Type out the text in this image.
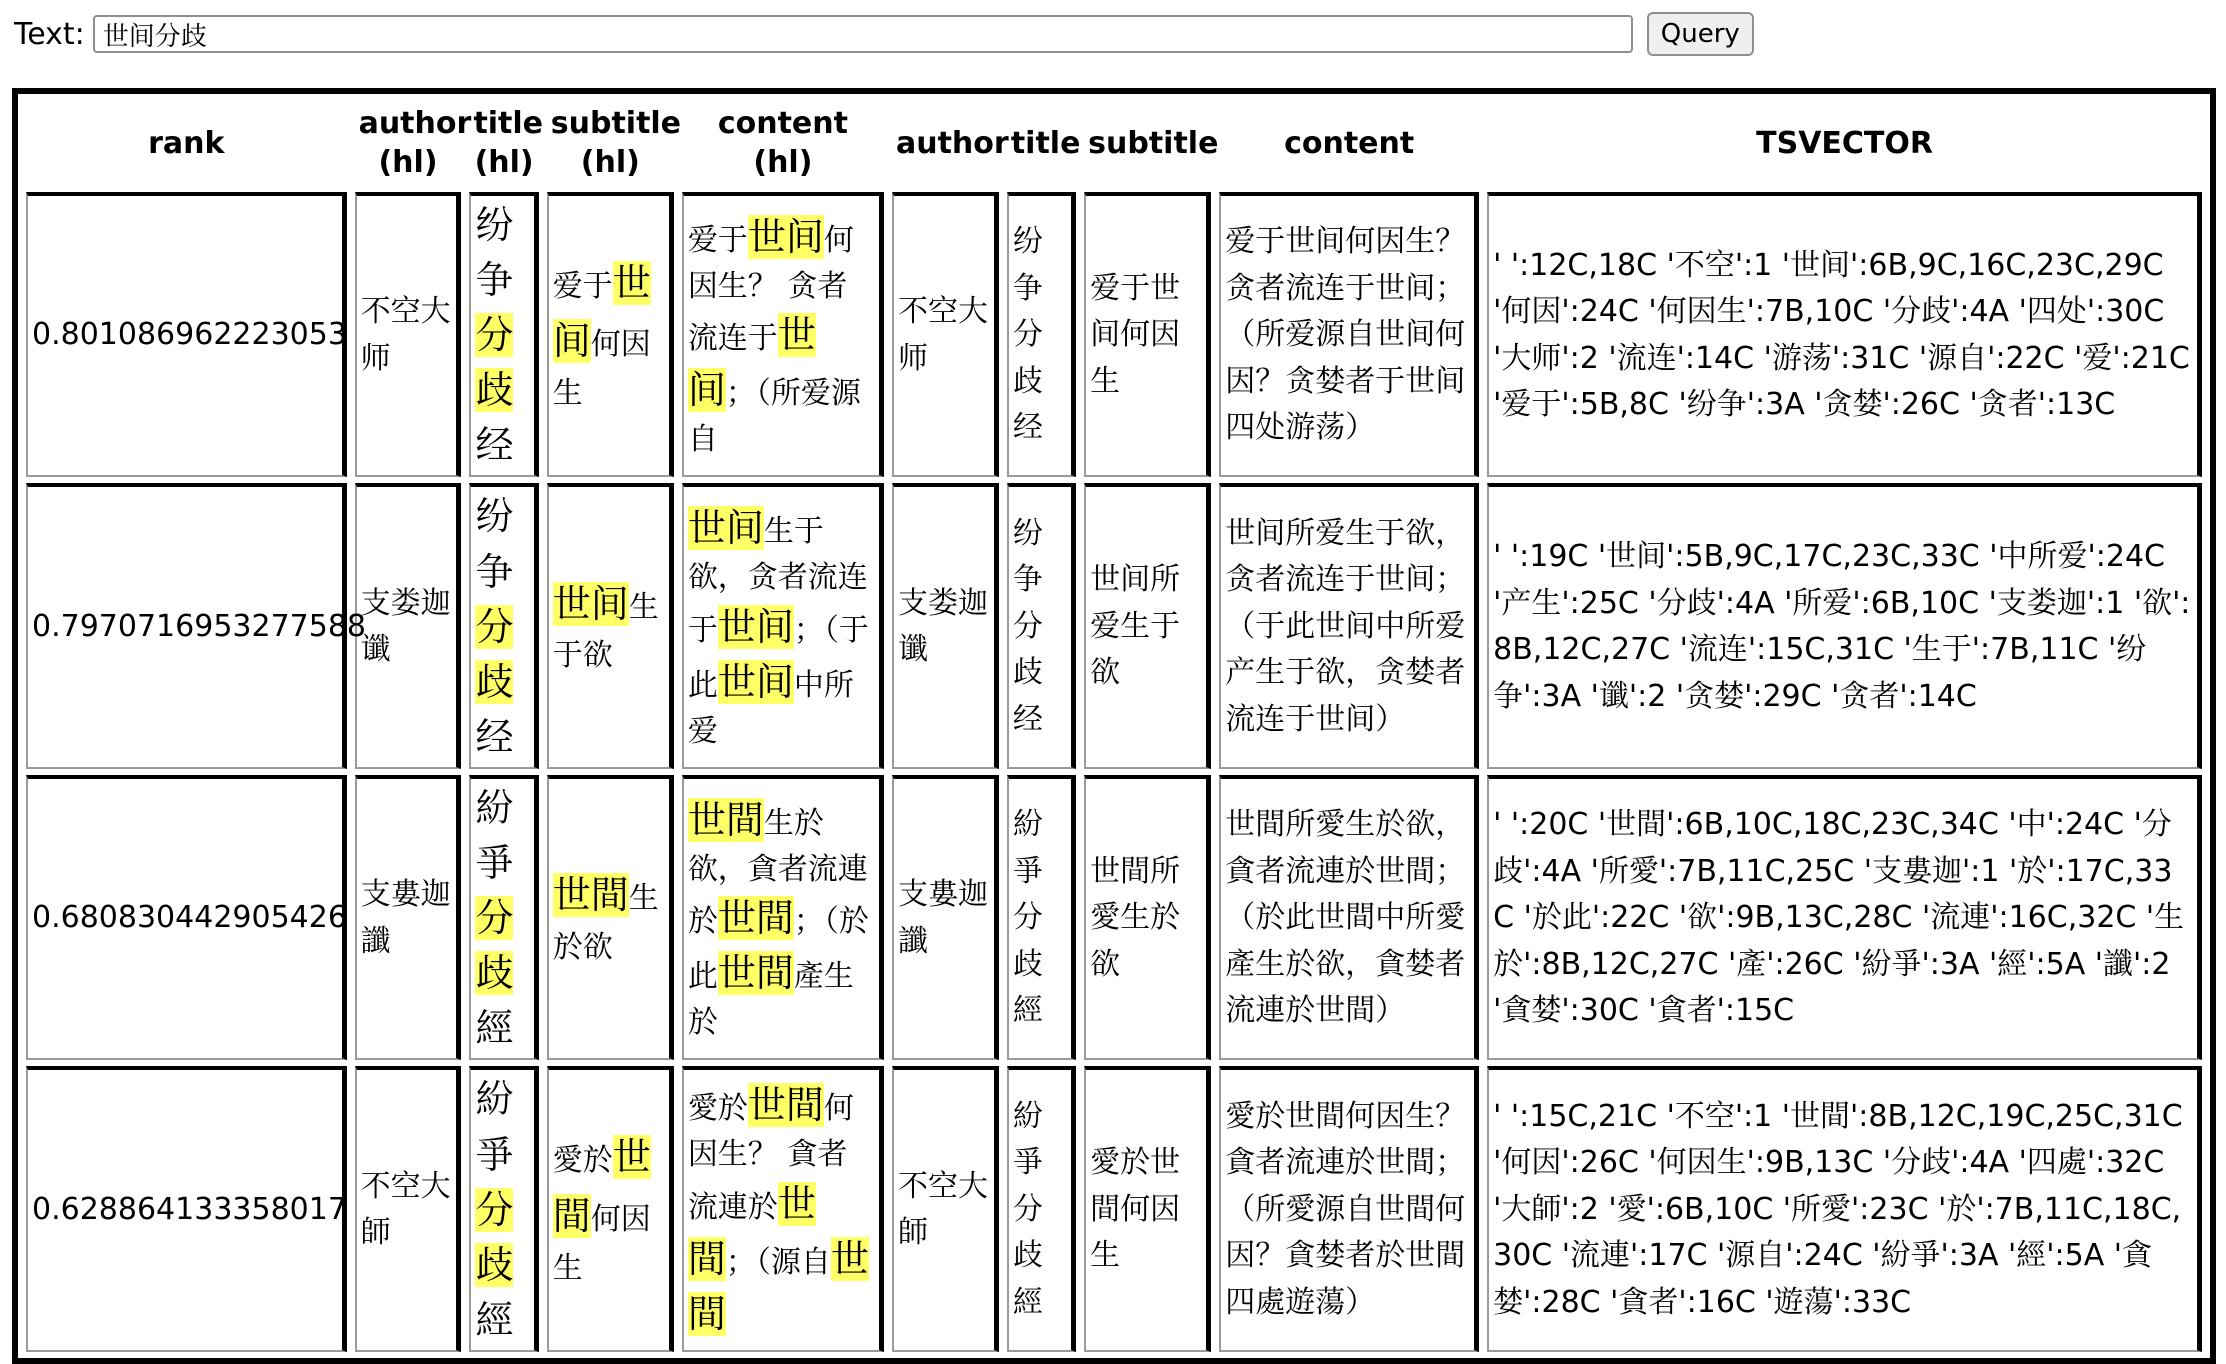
Text:
世间分歧	Query
rank	author (hl)	title (hl)	subtitle (hl)	content (hl)	author	title	subtitle	content	TSVECTOR
0.801086962223053	不空大师	纷争分歧经	爱于世间何因生	爱于世间何因生？ 贪者流连于世间；（所爱源自	不空大师	纷争分歧经	爱于世间何因生	爱于世间何因生？贪者流连于世间；（所爱源自世间何因？贪婪者于世间四处游荡）	' ':12C,18C '不空':1 '世间':6B,9C,16C,23C,29C '何因':24C '何因生':7B,10C '分歧':4A '四处':30C '大师':2 '流连':14C '游荡':31C '源自':22C '爱':21C '爱于':5B,8C '纷争':3A '贪婪':26C '贪者':13C
0.7970716953277588	支娄迦谶	纷争分歧经	世间生于欲	世间生于欲，贪者流连于世间；（于此世间中所爱	支娄迦谶	纷争分歧经	世间所爱生于欲	世间所爱生于欲，贪者流连于世间；（于此世间中所爱产生于欲，贪婪者流连于世间）	' ':19C '世间':5B,9C,17C,23C,33C '中所爱':24C '产生':25C '分歧':4A '所爱':6B,10C '支娄迦':1 '欲':8B,12C,27C '流连':15C,31C '生于':7B,11C '纷争':3A '谶':2 '贪婪':29C '贪者':14C
0.680830442905426	支婁迦讖	紛爭分歧經	世間生於欲	世間生於欲，貪者流連於世間；（於此世間產生於	支婁迦讖	紛爭分歧經	世間所愛生於欲	世間所愛生於欲，貪者流連於世間；（於此世間中所愛產生於欲，貪婪者流連於世間）	' ':20C '世間':6B,10C,18C,23C,34C '中':24C '分歧':4A '所愛':7B,11C,25C '支婁迦':1 '於':17C,33C '於此':22C '欲':9B,13C,28C '流連':16C,32C '生於':8B,12C,27C '產':26C '紛爭':3A '經':5A '讖':2 '貪婪':30C '貪者':15C
0.628864133358017	不空大師	紛爭分歧經	愛於世間何因生	愛於世間何因生？ 貪者流連於世間；（源自世間	不空大師	紛爭分歧經	愛於世間何因生	愛於世間何因生？貪者流連於世間；（所愛源自世間何因？貪婪者於世間四處遊蕩）	' ':15C,21C '不空':1 '世間':8B,12C,19C,25C,31C '何因':26C '何因生':9B,13C '分歧':4A '四處':32C '大師':2 '愛':6B,10C '所愛':23C '於':7B,11C,18C,30C '流連':17C '源自':24C '紛爭':3A '經':5A '貪婪':28C '貪者':16C '遊蕩':33C
